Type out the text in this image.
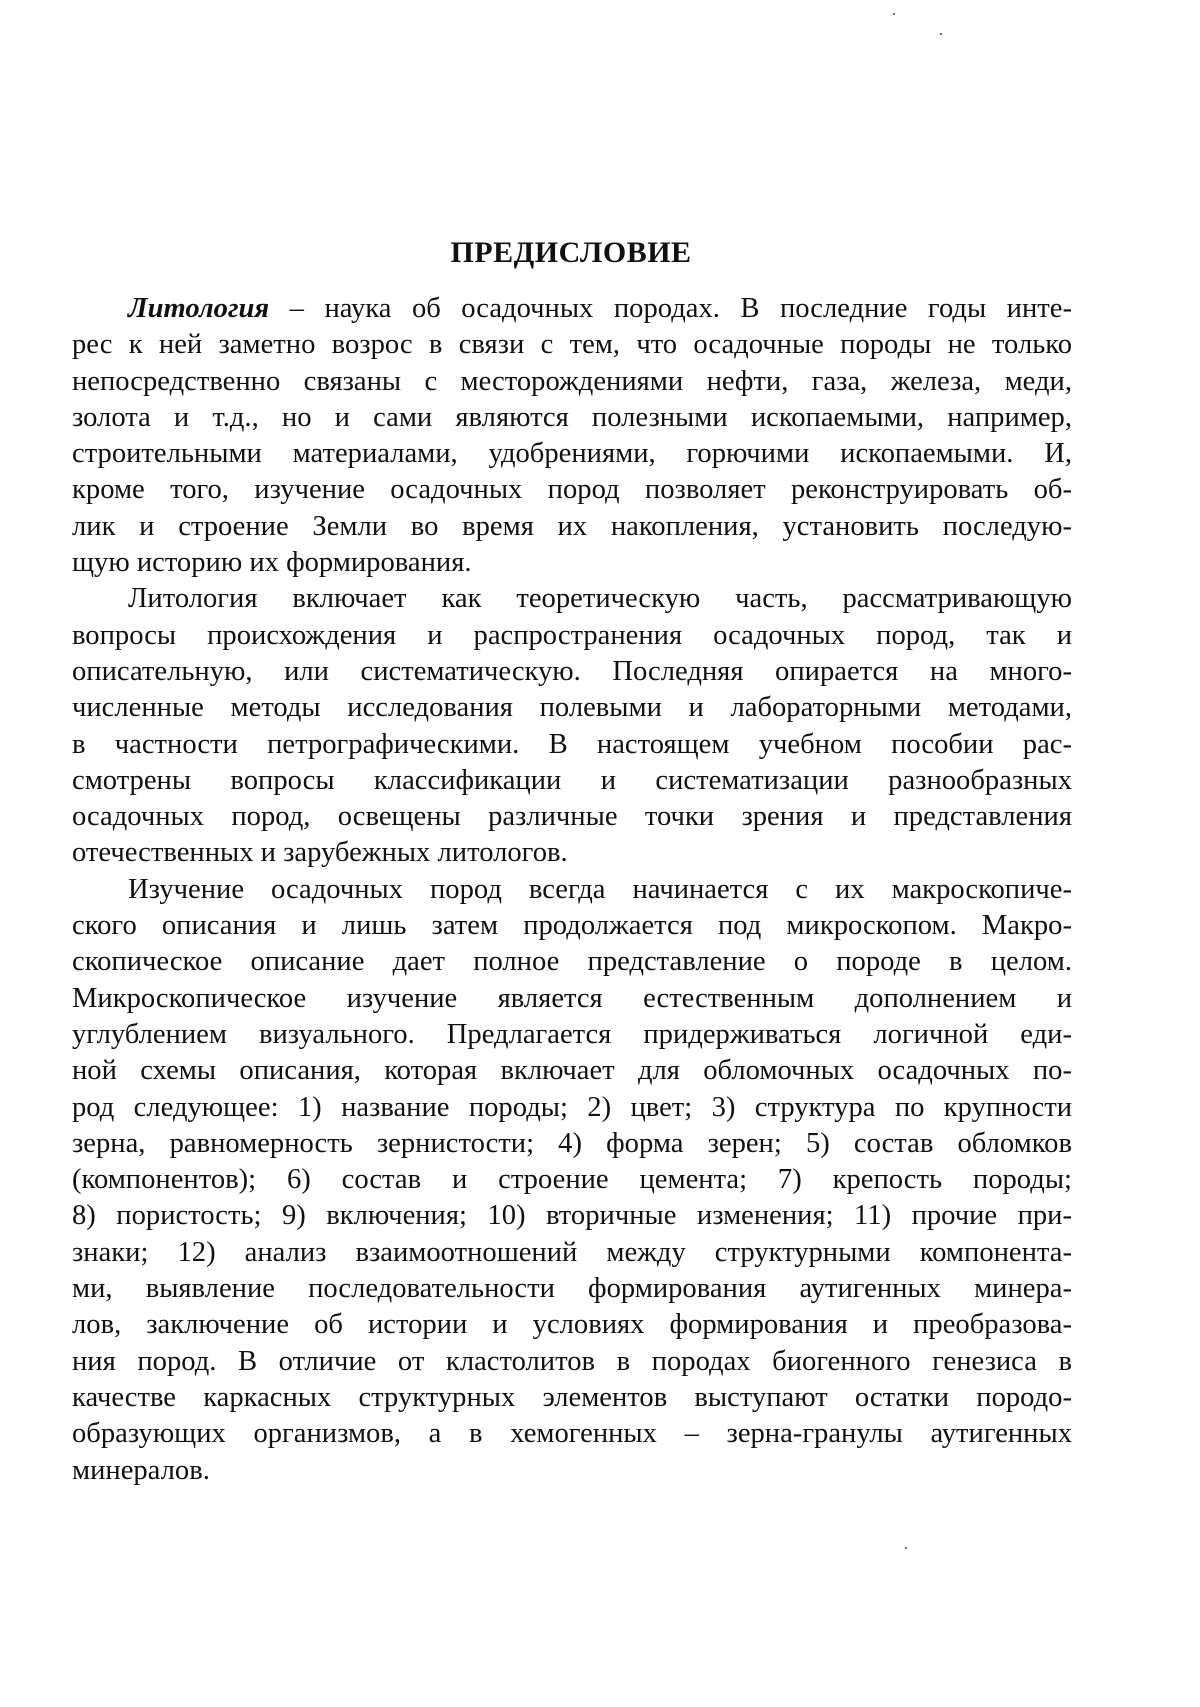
ПРЕДИСЛОВИЕ
Литология – наука об осадочных породах. В последние годы инте-
рес к ней заметно возрос в связи с тем, что осадочные породы не только
непосредственно связаны с месторождениями нефти, газа, железа, меди,
золота и т.д., но и сами являются полезными ископаемыми, например,
строительными материалами, удобрениями, горючими ископаемыми. И,
кроме того, изучение осадочных пород позволяет реконструировать об-
лик и строение Земли во время их накопления, установить последую-
щую историю их формирования.
Литология включает как теоретическую часть, рассматривающую
вопросы происхождения и распространения осадочных пород, так и
описательную, или систематическую. Последняя опирается на много-
численные методы исследования полевыми и лабораторными методами,
в частности петрографическими. В настоящем учебном пособии рас-
смотрены вопросы классификации и систематизации разнообразных
осадочных пород, освещены различные точки зрения и представления
отечественных и зарубежных литологов.
Изучение осадочных пород всегда начинается с их макроскопиче-
ского описания и лишь затем продолжается под микроскопом. Макро-
скопическое описание дает полное представление о породе в целом.
Микроскопическое изучение является естественным дополнением и
углублением визуального. Предлагается придерживаться логичной еди-
ной схемы описания, которая включает для обломочных осадочных по-
род следующее: 1) название породы; 2) цвет; 3) структура по крупности
зерна, равномерность зернистости; 4) форма зерен; 5) состав обломков
(компонентов); 6) состав и строение цемента; 7) крепость породы;
8) пористость; 9) включения; 10) вторичные изменения; 11) прочие при-
знаки; 12) анализ взаимоотношений между структурными компонента-
ми, выявление последовательности формирования аутигенных минера-
лов, заключение об истории и условиях формирования и преобразова-
ния пород. В отличие от кластолитов в породах биогенного генезиса в
качестве каркасных структурных элементов выступают остатки породо-
образующих организмов, а в хемогенных – зерна-гранулы аутигенных
минералов.
